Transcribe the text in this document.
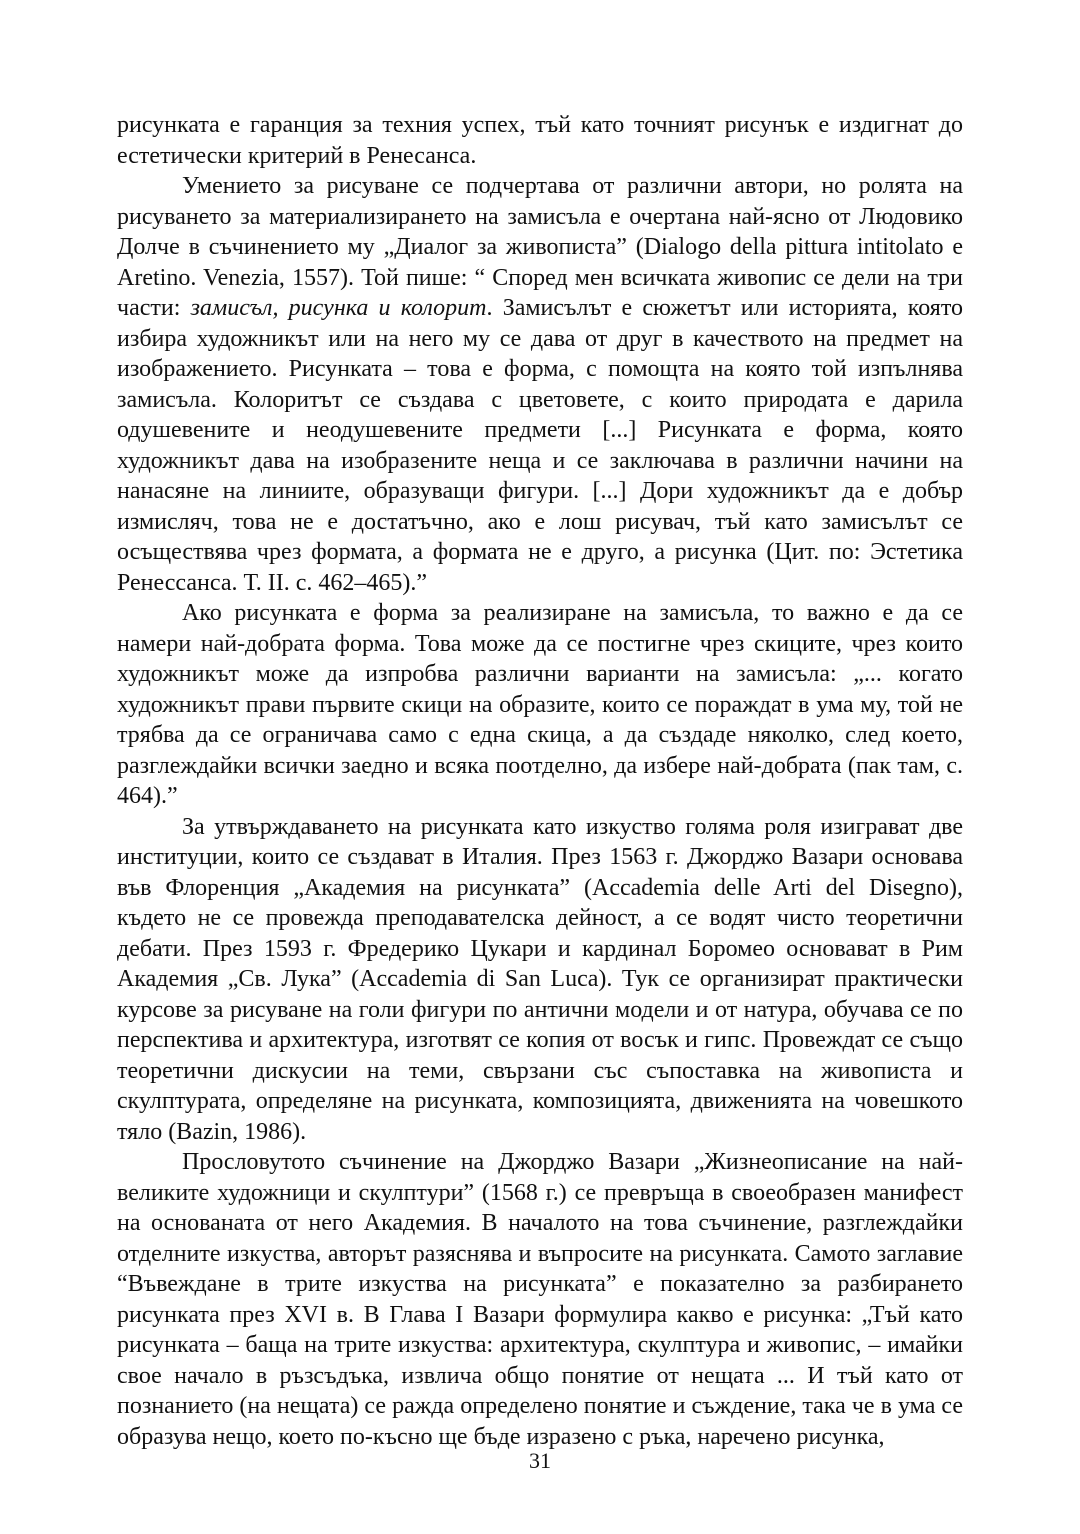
рисунката е гаранция за техния успех, тъй като точният рисунък е издигнат до естетически критерий в Ренесанса.

Умението за рисуване се подчертава от различни автори, но ролята на рисуването за материализирането на замисъла е очертана най-ясно от Людовико Долче в съчинението му „Диалог за живописта” (Dialogo della pittura intitolato e Aretino. Venezia, 1557). Той пише: “ Според мен всичката живопис се дели на три части: замисъл, рисунка и колорит. Замисълът е сюжетът или историята, която избира художникът или на него му се дава от друг в качеството на предмет на изображението. Рисунката – това е форма, с помощта на която той изпълнява замисъла. Колоритът се създава с цветовете, с които природата е дарила одушевените и неодушевените предмети [...] Рисунката е форма, която художникът дава на изобразените неща и се заключава в различни начини на нанасяне на линиите, образуващи фигури. [...] Дори художникът да е добър измисляч, това не е достатъчно, ако е лош рисувач, тъй като замисълът се осъществява чрез формата, а формата не е друго, а рисунка (Цит. по: Эстетика Ренессанса. Т. II. с. 462–465).”

Ако рисунката е форма за реализиране на замисъла, то важно е да се намери най-добрата форма. Това може да се постигне чрез скиците, чрез които художникът може да изпробва различни варианти на замисъла: „... когато художникът прави първите скици на образите, които се пораждат в ума му, той не трябва да се ограничава само с една скица, а да създаде няколко, след което, разглеждайки всички заедно и всяка поотделно, да избере най-добрата (пак там, с. 464).”

За утвърждаването на рисунката като изкуство голяма роля изиграват две институции, които се създават в Италия. През 1563 г. Джорджо Вазари основава във Флоренция „Академия на рисунката” (Accademia delle Arti del Disegno), където не се провежда преподавателска дейност, а се водят чисто теоретични дебати. През 1593 г. Фредерико Цукари и кардинал Боромео основават в Рим Академия „Св. Лука” (Accademia di San Luca). Тук се организират практически курсове за рисуване на голи фигури по антични модели и от натура, обучава се по перспектива и архитектура, изготвят се копия от восък и гипс. Провеждат се също теоретични дискусии на теми, свързани със съпоставка на живописта и скулптурата, определяне на рисунката, композицията, движенията на човешкото тяло (Bazin, 1986).

Прословутото съчинение на Джорджо Вазари „Жизнеописание на най-великите художници и скулптури” (1568 г.) се превръща в своеобразен манифест на основаната от него Академия. В началото на това съчинение, разглеждайки отделните изкуства, авторът разяснява и въпросите на рисунката. Самото заглавие “Въвеждане в трите изкуства на рисунката” е показателно за разбирането рисунката през XVI в. В Глава I Вазари формулира какво е рисунка: „Тъй като рисунката – баща на трите изкуства: архитектура, скулптура и живопис, – имайки свое начало в ръзсъдъка, извлича общо понятие от нещата ... И тъй като от познанието (на нещата) се ражда определено понятие и съждение, така че в ума се образува нещо, което по-късно ще бъде изразено с ръка, наречено рисунка,

31
